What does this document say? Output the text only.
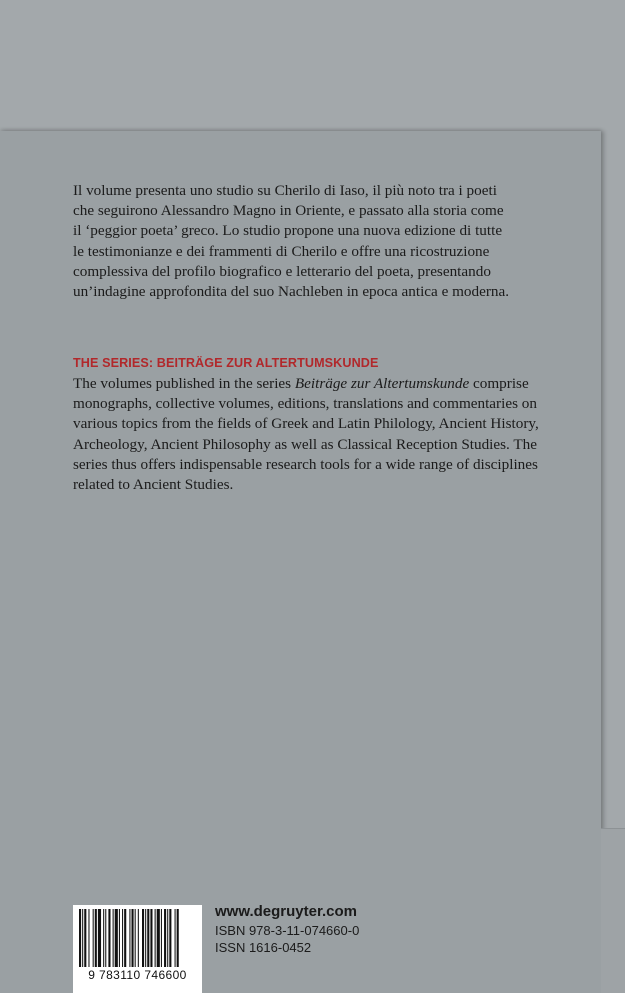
Il volume presenta uno studio su Cherilo di Iaso, il più noto tra i poeti
che seguirono Alessandro Magno in Oriente, e passato alla storia come
il ‘peggior poeta’ greco. Lo studio propone una nuova edizione di tutte
le testimonianze e dei frammenti di Cherilo e offre una ricostruzione
complessiva del profilo biografico e letterario del poeta, presentando
un’indagine approfondita del suo Nachleben in epoca antica e moderna.

THE SERIES: BEITRÄGE ZUR ALTERTUMSKUNDE

The volumes published in the series Beiträge zur Altertumskunde comprise
monographs, collective volumes, editions, translations and commentaries on
various topics from the fields of Greek and Latin Philology, Ancient History,
Archeology, Ancient Philosophy as well as Classical Reception Studies. The
series thus offers indispensable research tools for a wide range of disciplines
related to Ancient Studies.

9 783110 746600
www.degruyter.com
ISBN 978-3-11-074660-0
ISSN 1616-0452
